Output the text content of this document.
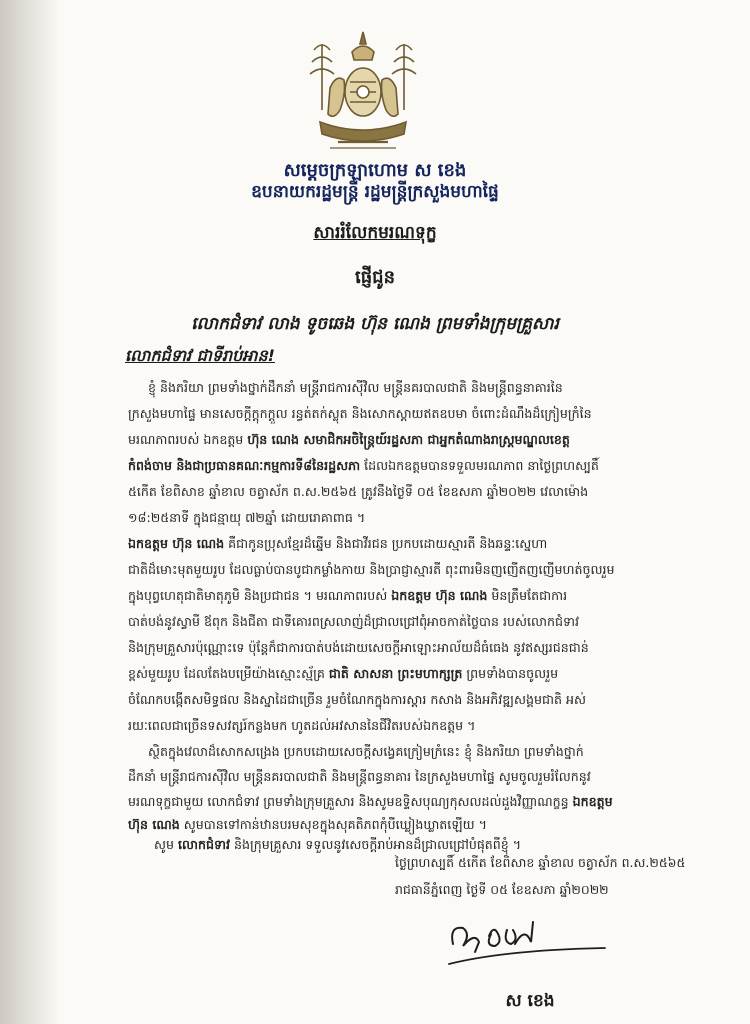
សម្តេចក្រឡាហោម ស ខេង
ឧបនាយករដ្ឋមន្ត្រី រដ្ឋមន្ត្រីក្រសួងមហាផ្ទៃ
សាររំលែកមរណទុក្ខ
ផ្ញើជូន
លោកជំទាវ លាង ទូចឆេង ហ៊ុន ណេង ព្រមទាំងក្រុមគ្រួសារ
លោកជំទាវ ជាទីរាប់អាន!
ខ្ញុំ និងភរិយា ព្រមទាំងថ្នាក់ដឹកនាំ មន្ត្រីរាជការស៊ីវិល មន្ត្រីនគរបាលជាតិ និងមន្ត្រីពន្ធនាគារនៃ
ក្រសួងមហាផ្ទៃ មានសេចក្តីក្តុកក្តួល រន្ធត់តក់ស្លុត និងសោកស្តាយឥតឧបមា ចំពោះដំណឹងដ៏ក្រៀមក្រំនៃ
មរណភាពរបស់ ឯកឧត្តម ហ៊ុន ណេង សមាជិកអចិន្ត្រៃយ៍រដ្ឋសភា ជាអ្នកតំណាងរាស្ត្រមណ្ឌលខេត្ត
កំពង់ចាម និងជាប្រធានគណៈកម្មការទី៨នៃរដ្ឋសភា ដែលឯកឧត្តមបានទទួលមរណភាព នាថ្ងៃព្រហស្បតិ៍
៥កើត ខែពិសាខ ឆ្នាំខាល ចត្វាស័ក ព.ស.២៥៦៥ ត្រូវនឹងថ្ងៃទី ០៥ ខែឧសភា ឆ្នាំ២០២២ វេលាម៉ោង
១៨:២៥នាទី ក្នុងជន្មាយុ ៧២ឆ្នាំ ដោយរោគាពាធ ។
ឯកឧត្តម ហ៊ុន ណេង គឺជាកូនប្រុសខ្មែរដ៏ឆ្នើម និងជាវីរជន ប្រកបដោយស្មារតី និងឆន្ទៈស្នេហា
ជាតិដ៏មោះមុតមួយរូប ដែលធ្លាប់បានបូជាកម្លាំងកាយ និងប្រាជ្ញាស្មារតី ពុះពារមិនញញើតញញើមហត់ចូលរួម
ក្នុងបុព្វហេតុជាតិមាតុភូមិ និងប្រជាជន ។ មរណភាពរបស់ ឯកឧត្តម ហ៊ុន ណេង មិនត្រឹមតែជាការ
បាត់បង់នូវស្វាមី ឪពុក និងជីតា ជាទីគោរពស្រលាញ់ដ៏ជ្រាលជ្រៅពុំអាចកាត់ថ្លៃបាន របស់លោកជំទាវ
និងក្រុមគ្រួសារប៉ុណ្ណោះទេ ប៉ុន្តែក៏ជាការបាត់បង់ដោយសេចក្តីអាឡោះអាល័យដ៏ធំធេង នូវឥស្សរជនជាន់
ខ្ពស់មួយរូប ដែលតែងបម្រើយ៉ាងស្មោះស្ម័គ្រ ជាតិ សាសនា ព្រះមហាក្សត្រ ព្រមទាំងបានចូលរួម
ចំណែកបង្កើតសមិទ្ធផល និងស្នាដៃជាច្រើន រួមចំណែកក្នុងការស្តារ កសាង និងអភិវឌ្ឍសង្គមជាតិ អស់
រយៈពេលជាច្រើនទសវត្សរ៍កន្លងមក ហូតដល់អវសាននៃជីវិតរបស់ឯកឧត្តម ។
ស្ថិតក្នុងវេលាដ៏សោកសង្រេង ប្រកបដោយសេចក្តីសង្វេគក្រៀមក្រំនេះ ខ្ញុំ និងភរិយា ព្រមទាំងថ្នាក់
ដឹកនាំ មន្ត្រីរាជការស៊ីវិល មន្ត្រីនគរបាលជាតិ និងមន្ត្រីពន្ធនាគារ នៃក្រសួងមហាផ្ទៃ សូមចូលរួមរំលែកនូវ
មរណទុក្ខជាមួយ លោកជំទាវ ព្រមទាំងក្រុមគ្រួសារ និងសូមឧទ្ទិសបុណ្យកុសលដល់ដួងវិញ្ញាណក្ខន្ធ ឯកឧត្តម
ហ៊ុន ណេង សូមបានទៅកាន់ឋានបរមសុខក្នុងសុគតិភពកុំបីឃ្លៀងឃ្លាតឡើយ ។
សូម លោកជំទាវ និងក្រុមគ្រួសារ ទទួលនូវសេចក្តីរាប់អានដ៏ជ្រាលជ្រៅបំផុតពីខ្ញុំ ។
ថ្ងៃព្រហស្បតិ៍ ៥កើត ខែពិសាខ ឆ្នាំខាល ចត្វាស័ក ព.ស.២៥៦៥
រាជធានីភ្នំពេញ ថ្ងៃទី ០៥ ខែឧសភា ឆ្នាំ២០២២
ស ខេង
